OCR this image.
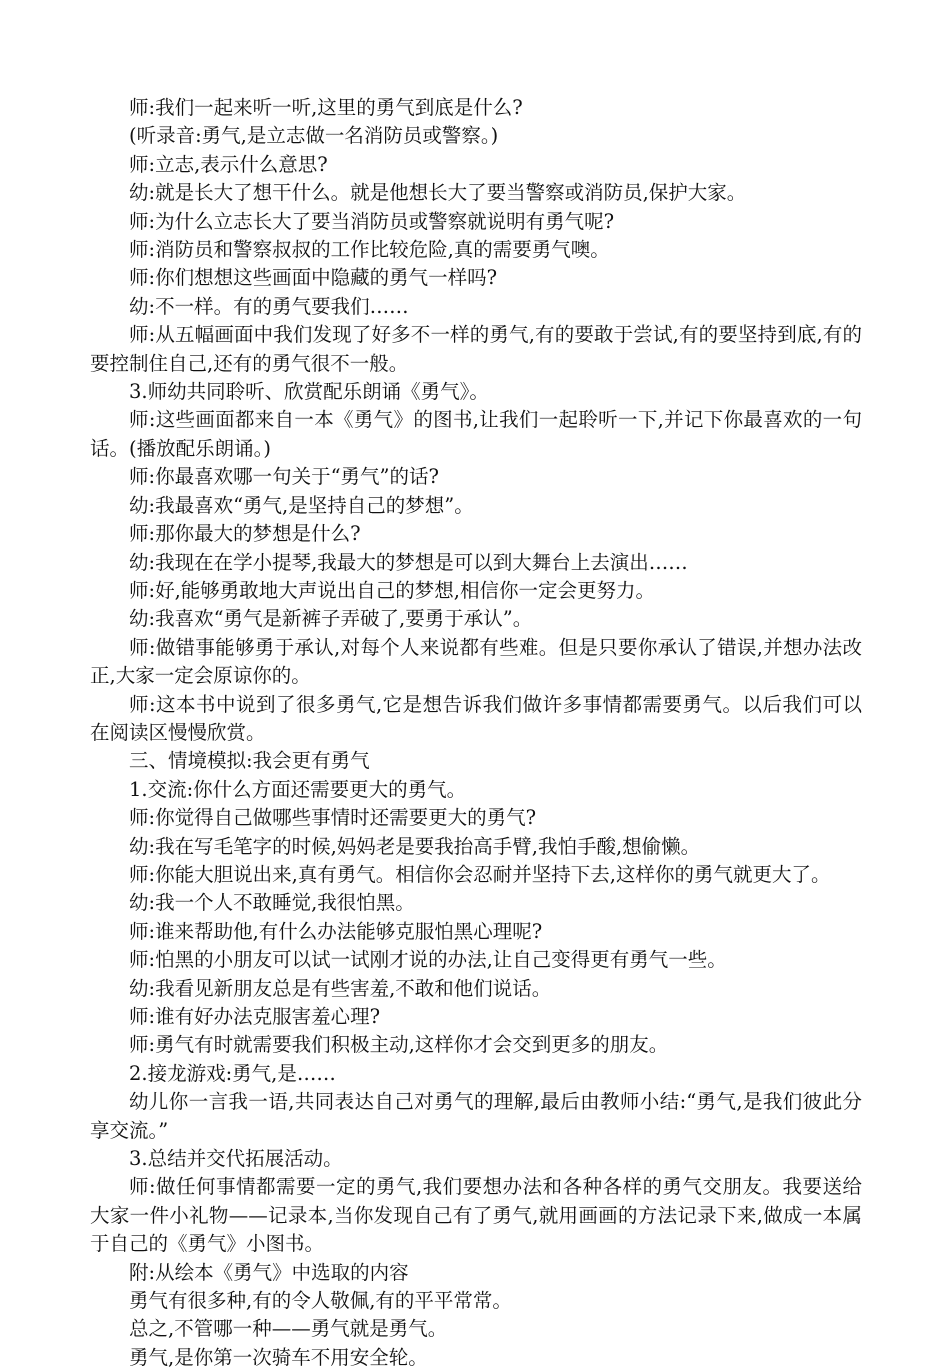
师:我们一起来听一听,这里的勇气到底是什么?

(听录音:勇气,是立志做一名消防员或警察。)

师:立志,表示什么意思?

幼:就是长大了想干什么。就是他想长大了要当警察或消防员,保护大家。

师:为什么立志长大了要当消防员或警察就说明有勇气呢?

师:消防员和警察叔叔的工作比较危险,真的需要勇气噢。

师:你们想想这些画面中隐藏的勇气一样吗?

幼:不一样。有的勇气要我们……

师:从五幅画面中我们发现了好多不一样的勇气,有的要敢于尝试,有的要坚持到底,有的要控制住自己,还有的勇气很不一般。

3.师幼共同聆听、欣赏配乐朗诵《勇气》。

师:这些画面都来自一本《勇气》的图书,让我们一起聆听一下,并记下你最喜欢的一句话。(播放配乐朗诵。)

师:你最喜欢哪一句关于“勇气”的话?

幼:我最喜欢“勇气,是坚持自己的梦想”。

师:那你最大的梦想是什么?

幼:我现在在学小提琴,我最大的梦想是可以到大舞台上去演出……

师:好,能够勇敢地大声说出自己的梦想,相信你一定会更努力。

幼:我喜欢“勇气是新裤子弄破了,要勇于承认”。

师:做错事能够勇于承认,对每个人来说都有些难。但是只要你承认了错误,并想办法改正,大家一定会原谅你的。

师:这本书中说到了很多勇气,它是想告诉我们做许多事情都需要勇气。以后我们可以在阅读区慢慢欣赏。

三、情境模拟:我会更有勇气

1.交流:你什么方面还需要更大的勇气。

师:你觉得自己做哪些事情时还需要更大的勇气?

幼:我在写毛笔字的时候,妈妈老是要我抬高手臂,我怕手酸,想偷懒。

师:你能大胆说出来,真有勇气。相信你会忍耐并坚持下去,这样你的勇气就更大了。

幼:我一个人不敢睡觉,我很怕黑。

师:谁来帮助他,有什么办法能够克服怕黑心理呢?

师:怕黑的小朋友可以试一试刚才说的办法,让自己变得更有勇气一些。

幼:我看见新朋友总是有些害羞,不敢和他们说话。

师:谁有好办法克服害羞心理?

师:勇气有时就需要我们积极主动,这样你才会交到更多的朋友。

2.接龙游戏:勇气,是……

幼儿你一言我一语,共同表达自己对勇气的理解,最后由教师小结:“勇气,是我们彼此分享交流。”

3.总结并交代拓展活动。

师:做任何事情都需要一定的勇气,我们要想办法和各种各样的勇气交朋友。我要送给大家一件小礼物——记录本,当你发现自己有了勇气,就用画画的方法记录下来,做成一本属于自己的《勇气》小图书。

附:从绘本《勇气》中选取的内容

勇气有很多种,有的令人敬佩,有的平平常常。

总之,不管哪一种——勇气就是勇气。

勇气,是你第一次骑车不用安全轮。
